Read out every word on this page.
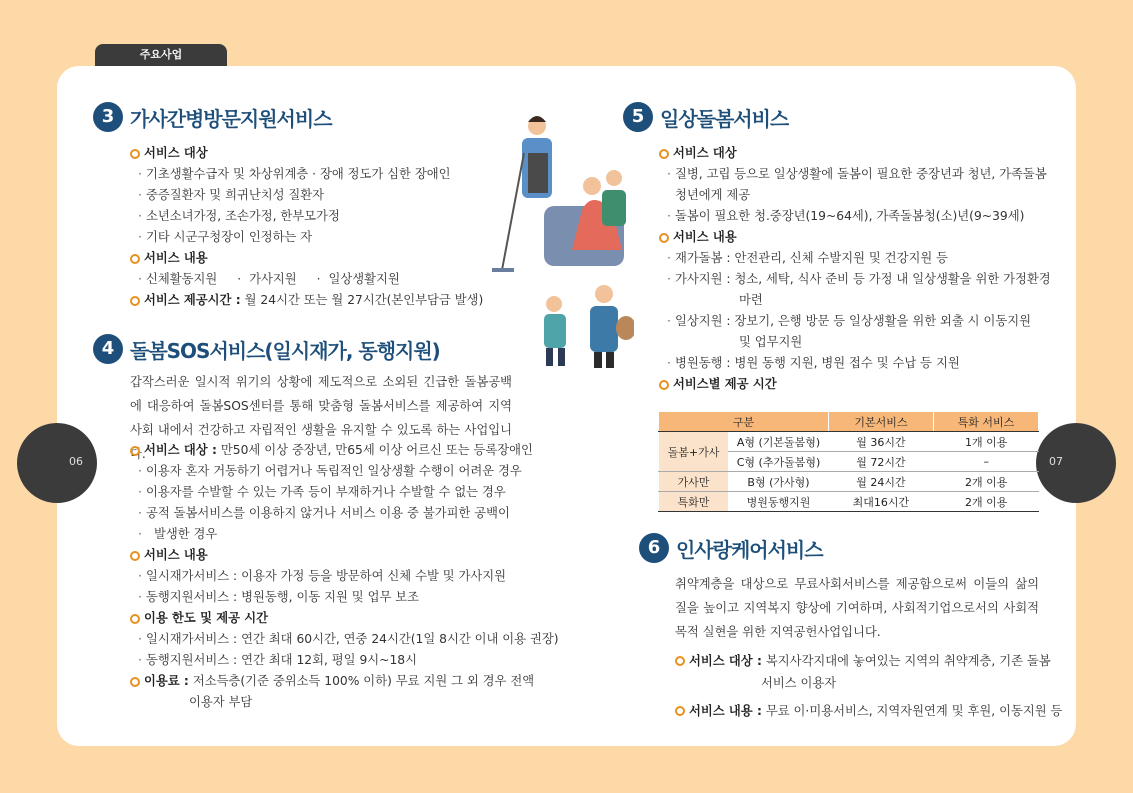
주요사업
06	07
3 가사간병방문지원서비스
서비스 대상
· 기초생활수급자 및 차상위계층 · 장애 정도가 심한 장애인
· 중증질환자 및 희귀난치성 질환자
· 소년소녀가정, 조손가정, 한부모가정
· 기타 시군구청장이 인정하는 자
서비스 내용
· 신체활동지원 · 가사지원 · 일상생활지원
서비스 제공시간 : 월 24시간 또는 월 27시간(본인부담금 발생)
4 돌봄SOS서비스(일시재가, 동행지원)

갑작스러운 일시적 위기의 상황에 제도적으로 소외된 긴급한 돌봄공백에 대응하여 돌봄SOS센터를 통해 맞춤형 돌봄서비스를 제공하여 지역사회 내에서 건강하고 자립적인 생활을 유지할 수 있도록 하는 사업입니다.

서비스 대상 : 만50세 이상 중장년, 만65세 이상 어르신 또는 등록장애인
· 이용자 혼자 거동하기 어렵거나 독립적인 일상생활 수행이 어려운 경우
· 이용자를 수발할 수 있는 가족 등이 부재하거나 수발할 수 없는 경우
· 공적 돌봄서비스를 이용하지 않거나 서비스 이용 중 불가피한 공백이
· 발생한 경우
서비스 내용
· 일시재가서비스 : 이용자 가정 등을 방문하여 신체 수발 및 가사지원
· 동행지원서비스 : 병원동행, 이동 지원 및 업무 보조
이용 한도 및 제공 시간
· 일시재가서비스 : 연간 최대 60시간, 연중 24시간(1일 8시간 이내 이용 권장)
· 동행지원서비스 : 연간 최대 12회, 평일 9시~18시
이용료 : 저소득층(기준 중위소득 100% 이하) 무료 지원 그 외 경우 전액
이용자 부담
5 일상돌봄서비스
서비스 대상
· 질병, 고립 등으로 일상생활에 돌봄이 필요한 중장년과 청년, 가족돌봄
청년에게 제공
· 돌봄이 필요한 청.중장년(19~64세), 가족돌봄청(소)년(9~39세)
서비스 내용
· 재가돌봄 : 안전관리, 신체 수발지원 및 건강지원 등
· 가사지원 : 청소, 세탁, 식사 준비 등 가정 내 일상생활을 위한 가정환경
마련
· 일상지원 : 장보기, 은행 방문 등 일상생활을 위한 외출 시 이동지원
및 업무지원
· 병원동행 : 병원 동행 지원, 병원 접수 및 수납 등 지원
서비스별 제공 시간
구분		기본서비스	특화 서비스
돌봄+가사	A형 (기본돌봄형)	월 36시간	1개 이용
	C형 (추가돌봄형)	월 72시간	–
가사만	B형 (가사형)	월 24시간	2개 이용
특화만	병원동행지원	최대16시간	2개 이용
6 인사랑케어서비스

취약계층을 대상으로 무료사회서비스를 제공함으로써 이들의 삶의 질을 높이고 지역복지 향상에 기여하며, 사회적기업으로서의 사회적 목적 실현을 위한 지역공헌사업입니다.

서비스 대상 : 복지사각지대에 놓여있는 지역의 취약계층, 기존 돌봄
서비스 이용자
서비스 내용 : 무료 이·미용서비스, 지역자원연계 및 후원, 이동지원 등
